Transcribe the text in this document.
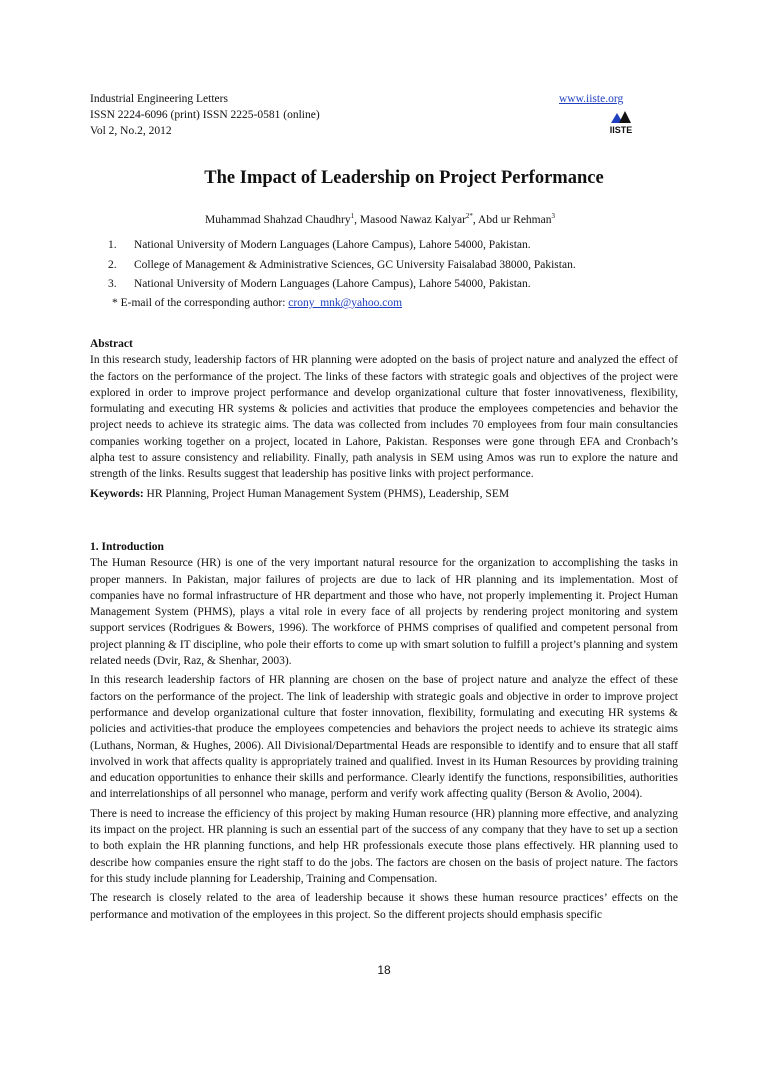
Industrial Engineering Letters
ISSN 2224-6096 (print) ISSN 2225-0581 (online)
Vol 2, No.2, 2012
www.iiste.org
IISTE
The Impact of Leadership on Project Performance
Muhammad Shahzad Chaudhry$^1$, Masood Nawaz Kalyar$^{2*}$, Abd ur Rehman$^3$
1. National University of Modern Languages (Lahore Campus), Lahore 54000, Pakistan.
2. College of Management & Administrative Sciences, GC University Faisalabad 38000, Pakistan.
3. National University of Modern Languages (Lahore Campus), Lahore 54000, Pakistan.
* E-mail of the corresponding author: crony_mnk@yahoo.com
Abstract
In this research study, leadership factors of HR planning were adopted on the basis of project nature and analyzed the effect of the factors on the performance of the project. The links of these factors with strategic goals and objectives of the project were explored in order to improve project performance and develop organizational culture that foster innovativeness, flexibility, formulating and executing HR systems & policies and activities that produce the employees competencies and behavior the project needs to achieve its strategic aims. The data was collected from includes 70 employees from four main consultancies companies working together on a project, located in Lahore, Pakistan. Responses were gone through EFA and Cronbach’s alpha test to assure consistency and reliability. Finally, path analysis in SEM using Amos was run to explore the nature and strength of the links. Results suggest that leadership has positive links with project performance.
Keywords: HR Planning, Project Human Management System (PHMS), Leadership, SEM
1. Introduction
The Human Resource (HR) is one of the very important natural resource for the organization to accomplishing the tasks in proper manners. In Pakistan, major failures of projects are due to lack of HR planning and its implementation. Most of companies have no formal infrastructure of HR department and those who have, not properly implementing it. Project Human Management System (PHMS), plays a vital role in every face of all projects by rendering project monitoring and system support services (Rodrigues & Bowers, 1996). The workforce of PHMS comprises of qualified and competent personal from project planning & IT discipline, who pole their efforts to come up with smart solution to fulfill a project’s planning and system related needs (Dvir, Raz, & Shenhar, 2003).
In this research leadership factors of HR planning are chosen on the base of project nature and analyze the effect of these factors on the performance of the project. The link of leadership with strategic goals and objective in order to improve project performance and develop organizational culture that foster innovation, flexibility, formulating and executing HR systems & policies and activities-that produce the employees competencies and behaviors the project needs to achieve its strategic aims (Luthans, Norman, & Hughes, 2006). All Divisional/Departmental Heads are responsible to identify and to ensure that all staff involved in work that affects quality is appropriately trained and qualified. Invest in its Human Resources by providing training and education opportunities to enhance their skills and performance. Clearly identify the functions, responsibilities, authorities and interrelationships of all personnel who manage, perform and verify work affecting quality (Berson & Avolio, 2004).
There is need to increase the efficiency of this project by making Human resource (HR) planning more effective, and analyzing its impact on the project. HR planning is such an essential part of the success of any company that they have to set up a section to both explain the HR planning functions, and help HR professionals execute those plans effectively. HR planning used to describe how companies ensure the right staff to do the jobs. The factors are chosen on the basis of project nature. The factors for this study include planning for Leadership, Training and Compensation.
The research is closely related to the area of leadership because it shows these human resource practices’ effects on the performance and motivation of the employees in this project. So the different projects should emphasis specific
18
